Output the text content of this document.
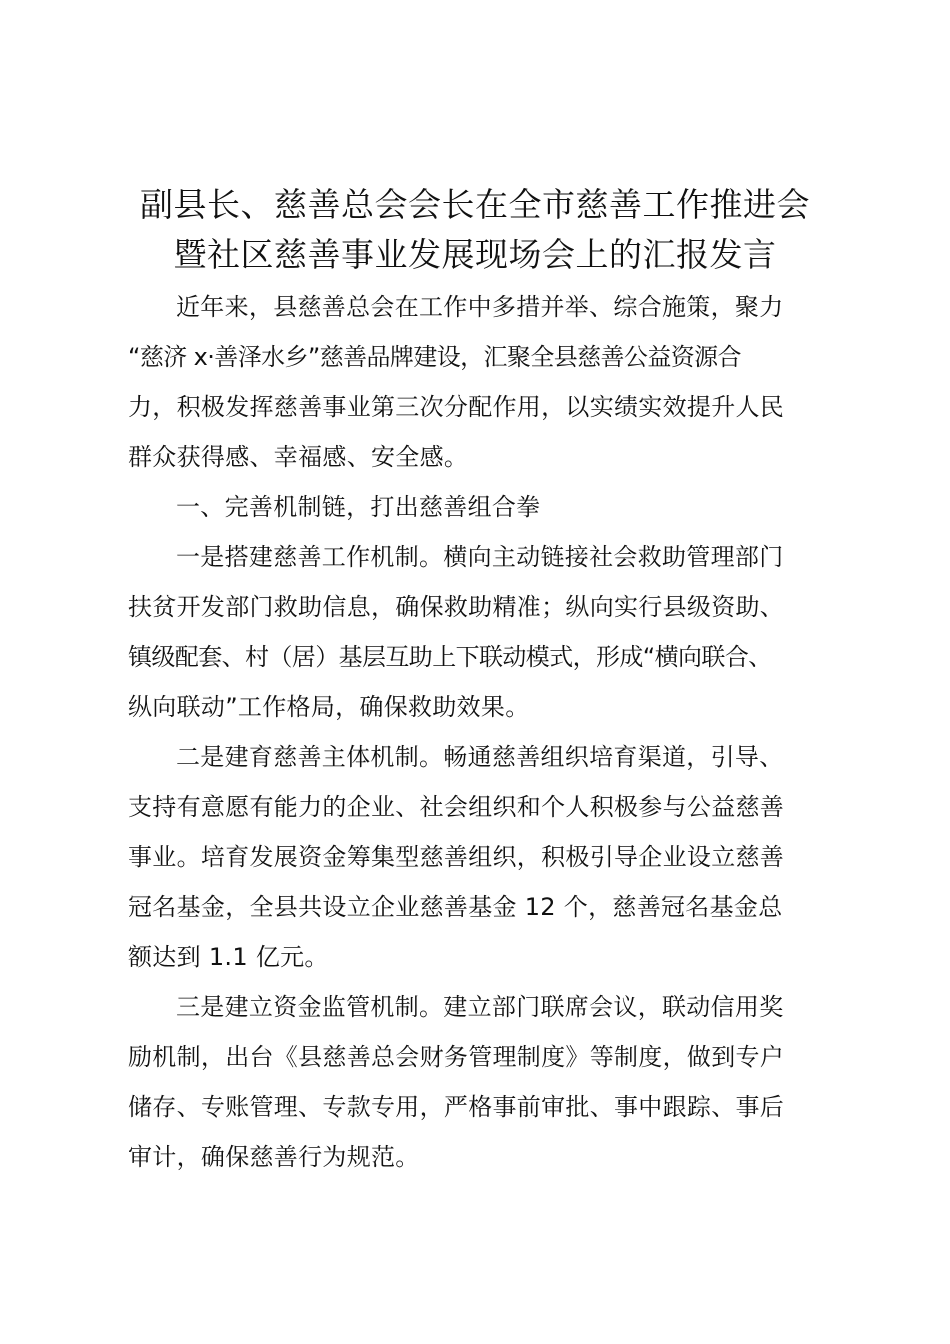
副县长、慈善总会会长在全市慈善工作推进会
暨社区慈善事业发展现场会上的汇报发言
近年来，县慈善总会在工作中多措并举、综合施策，聚力
“慈济 x·善泽水乡”慈善品牌建设，汇聚全县慈善公益资源合
力，积极发挥慈善事业第三次分配作用，以实绩实效提升人民
群众获得感、幸福感、安全感。
一、完善机制链，打出慈善组合拳
一是搭建慈善工作机制。横向主动链接社会救助管理部门
扶贫开发部门救助信息，确保救助精准；纵向实行县级资助、
镇级配套、村（居）基层互助上下联动模式，形成“横向联合、
纵向联动”工作格局，确保救助效果。
二是建育慈善主体机制。畅通慈善组织培育渠道，引导、
支持有意愿有能力的企业、社会组织和个人积极参与公益慈善
事业。培育发展资金筹集型慈善组织，积极引导企业设立慈善
冠名基金，全县共设立企业慈善基金 12 个，慈善冠名基金总
额达到 1.1 亿元。
三是建立资金监管机制。建立部门联席会议，联动信用奖
励机制，出台《县慈善总会财务管理制度》等制度，做到专户
储存、专账管理、专款专用，严格事前审批、事中跟踪、事后
审计，确保慈善行为规范。
